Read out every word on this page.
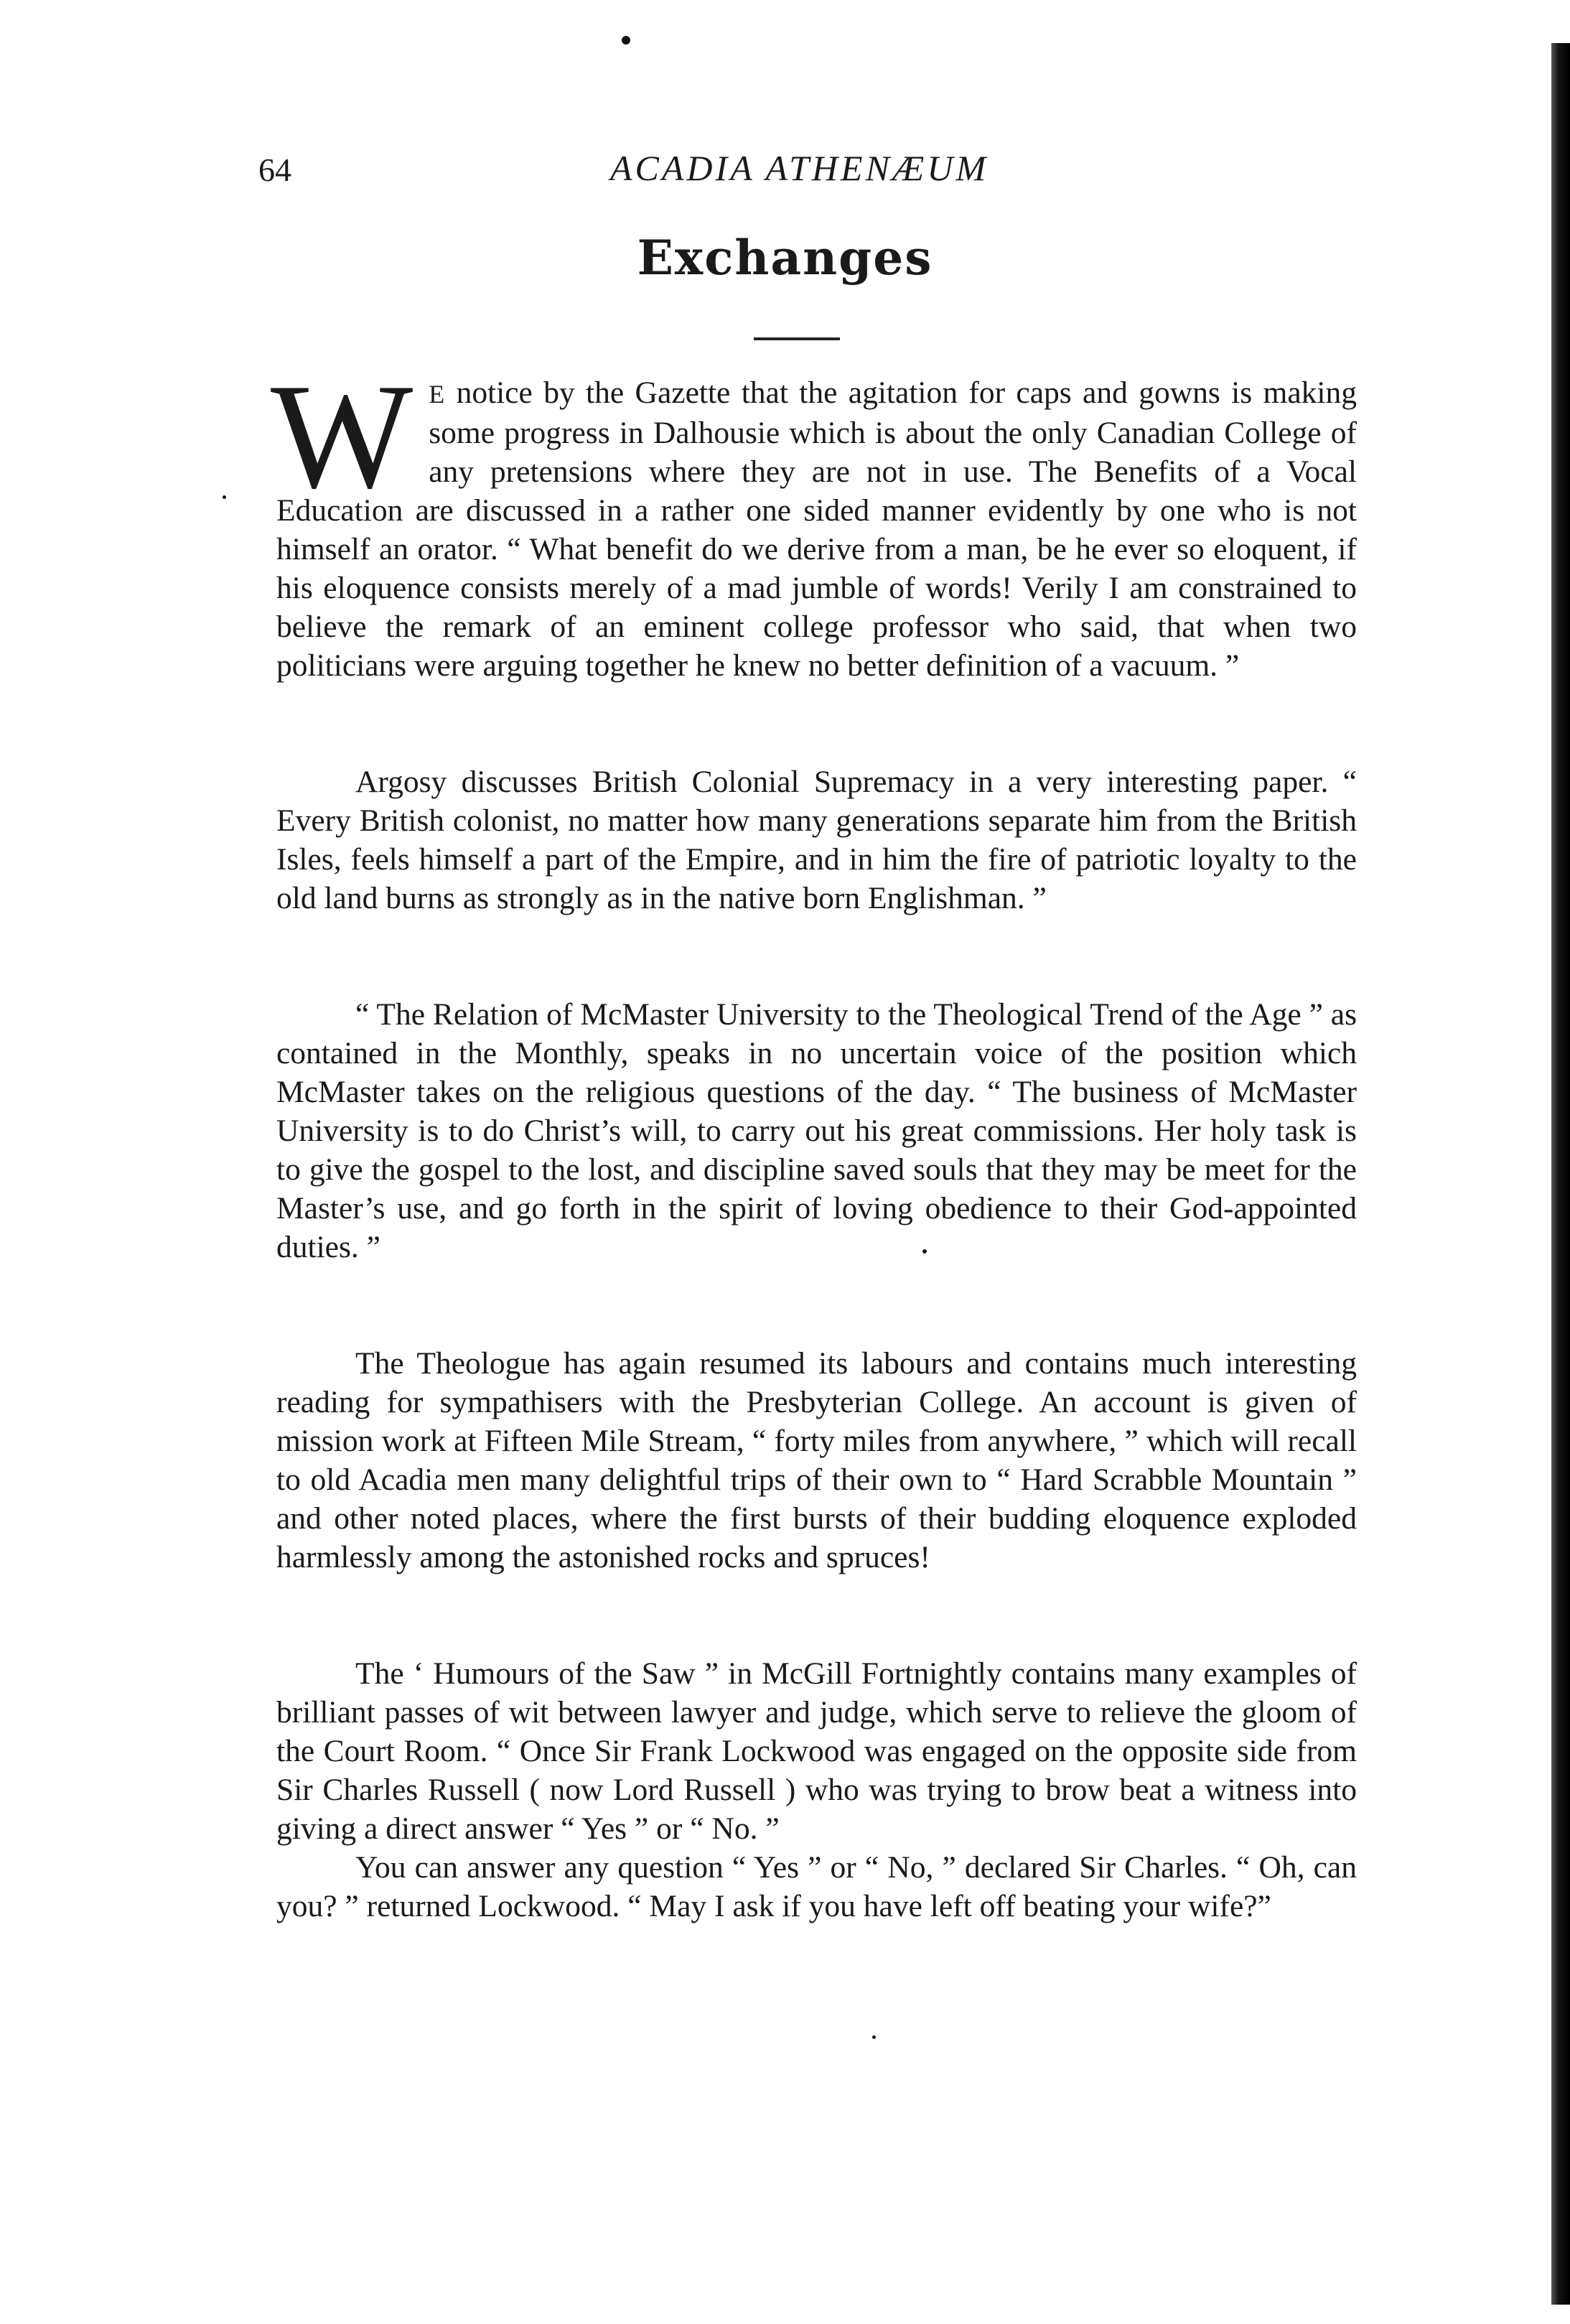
64	ACADIA ATHENÆUM
Exchanges

W E notice by the Gazette that the agitation for caps and gowns is making some progress in Dalhousie which is about the only Canadian College of any pretensions where they are not in use. The Benefits of a Vocal Education are discussed in a rather one sided manner evidently by one who is not himself an orator. “ What benefit do we derive from a man, be he ever so eloquent, if his eloquence consists merely of a mad jumble of words! Verily I am constrained to believe the remark of an eminent college professor who said, that when two politicians were arguing together he knew no better definition of a vacuum. ”

Argosy discusses British Colonial Supremacy in a very interesting paper. “ Every British colonist, no matter how many generations separate him from the British Isles, feels himself a part of the Empire, and in him the fire of patriotic loyalty to the old land burns as strongly as in the native born Englishman. ”

“ The Relation of McMaster University to the Theological Trend of the Age ” as contained in the Monthly, speaks in no uncertain voice of the position which McMaster takes on the religious questions of the day. “ The business of McMaster University is to do Christ’s will, to carry out his great commissions. Her holy task is to give the gospel to the lost, and discipline saved souls that they may be meet for the Master’s use, and go forth in the spirit of loving obedience to their God-appointed duties. ”

The Theologue has again resumed its labours and contains much interesting reading for sympathisers with the Presbyterian College. An account is given of mission work at Fifteen Mile Stream, “ forty miles from anywhere, ” which will recall to old Acadia men many delightful trips of their own to “ Hard Scrabble Mountain ” and other noted places, where the first bursts of their budding eloquence exploded harmlessly among the astonished rocks and spruces!

The ‘ Humours of the Saw ” in McGill Fortnightly contains many examples of brilliant passes of wit between lawyer and judge, which serve to relieve the gloom of the Court Room. “ Once Sir Frank Lockwood was engaged on the opposite side from Sir Charles Russell ( now Lord Russell ) who was trying to brow beat a witness into giving a direct answer “ Yes ” or “ No. ”

You can answer any question “ Yes ” or “ No, ” declared Sir Charles. “ Oh, can you? ” returned Lockwood. “ May I ask if you have left off beating your wife?”
